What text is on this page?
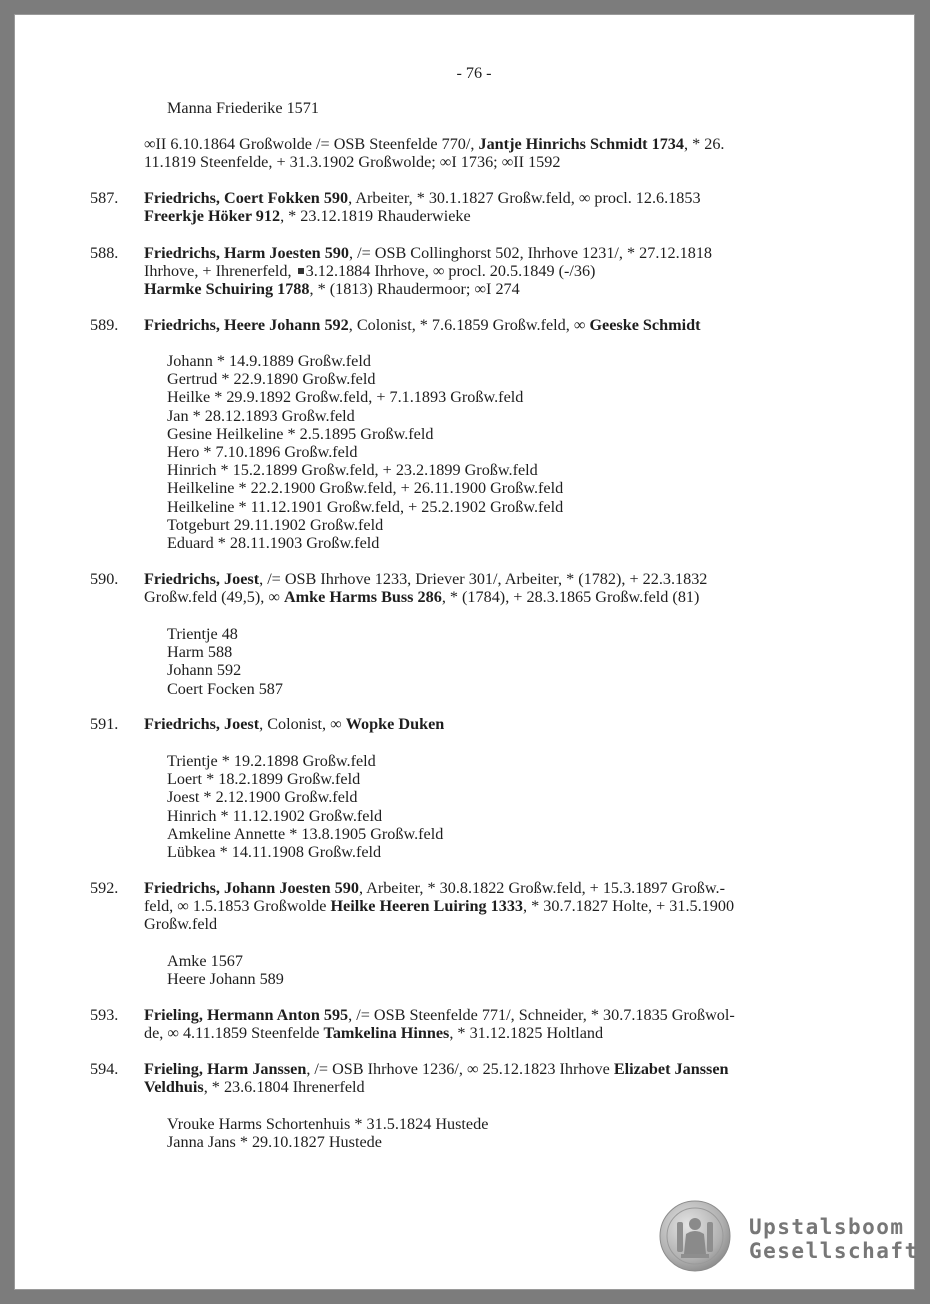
- 76 -
Manna Friederike 1571
∞II 6.10.1864 Großwolde /= OSB Steenfelde 770/, Jantje Hinrichs Schmidt 1734, * 26.
11.1819 Steenfelde, + 31.3.1902 Großwolde; ∞I 1736; ∞II 1592
587.	Friedrichs, Coert Fokken 590, Arbeiter, * 30.1.1827 Großw.feld, ∞ procl. 12.6.1853
Freerkje Höker 912, * 23.12.1819 Rhauderwieke
588.	Friedrichs, Harm Joesten 590, /= OSB Collinghorst 502, Ihrhove 1231/, * 27.12.1818
Ihrhove, + Ihrenerfeld, 3.12.1884 Ihrhove, ∞ procl. 20.5.1849 (-/36)
Harmke Schuiring 1788, * (1813) Rhaudermoor; ∞I 274
589.	Friedrichs, Heere Johann 592, Colonist, * 7.6.1859 Großw.feld, ∞ Geeske Schmidt
Johann * 14.9.1889 Großw.feld
Gertrud * 22.9.1890 Großw.feld
Heilke * 29.9.1892 Großw.feld, + 7.1.1893 Großw.feld
Jan * 28.12.1893 Großw.feld
Gesine Heilkeline * 2.5.1895 Großw.feld
Hero * 7.10.1896 Großw.feld
Hinrich * 15.2.1899 Großw.feld, + 23.2.1899 Großw.feld
Heilkeline * 22.2.1900 Großw.feld, + 26.11.1900 Großw.feld
Heilkeline * 11.12.1901 Großw.feld, + 25.2.1902 Großw.feld
Totgeburt 29.11.1902 Großw.feld
Eduard * 28.11.1903 Großw.feld
590.	Friedrichs, Joest, /= OSB Ihrhove 1233, Driever 301/, Arbeiter, * (1782), + 22.3.1832
Großw.feld (49,5), ∞ Amke Harms Buss 286, * (1784), + 28.3.1865 Großw.feld (81)
Trientje 48
Harm 588
Johann 592
Coert Focken 587
591.	Friedrichs, Joest, Colonist, ∞ Wopke Duken
Trientje * 19.2.1898 Großw.feld
Loert * 18.2.1899 Großw.feld
Joest * 2.12.1900 Großw.feld
Hinrich * 11.12.1902 Großw.feld
Amkeline Annette * 13.8.1905 Großw.feld
Lübkea * 14.11.1908 Großw.feld
592.	Friedrichs, Johann Joesten 590, Arbeiter, * 30.8.1822 Großw.feld, + 15.3.1897 Großw.-
feld, ∞ 1.5.1853 Großwolde Heilke Heeren Luiring 1333, * 30.7.1827 Holte, + 31.5.1900
Großw.feld
Amke 1567
Heere Johann 589
593.	Frieling, Hermann Anton 595, /= OSB Steenfelde 771/, Schneider, * 30.7.1835 Großwol-
de, ∞ 4.11.1859 Steenfelde Tamkelina Hinnes, * 31.12.1825 Holtland
594.	Frieling, Harm Janssen, /= OSB Ihrhove 1236/, ∞ 25.12.1823 Ihrhove Elizabet Janssen
Veldhuis, * 23.6.1804 Ihrenerfeld
Vrouke Harms Schortenhuis * 31.5.1824 Hustede
Janna Jans * 29.10.1827 Hustede
Upstalsboom
Gesellschaft
